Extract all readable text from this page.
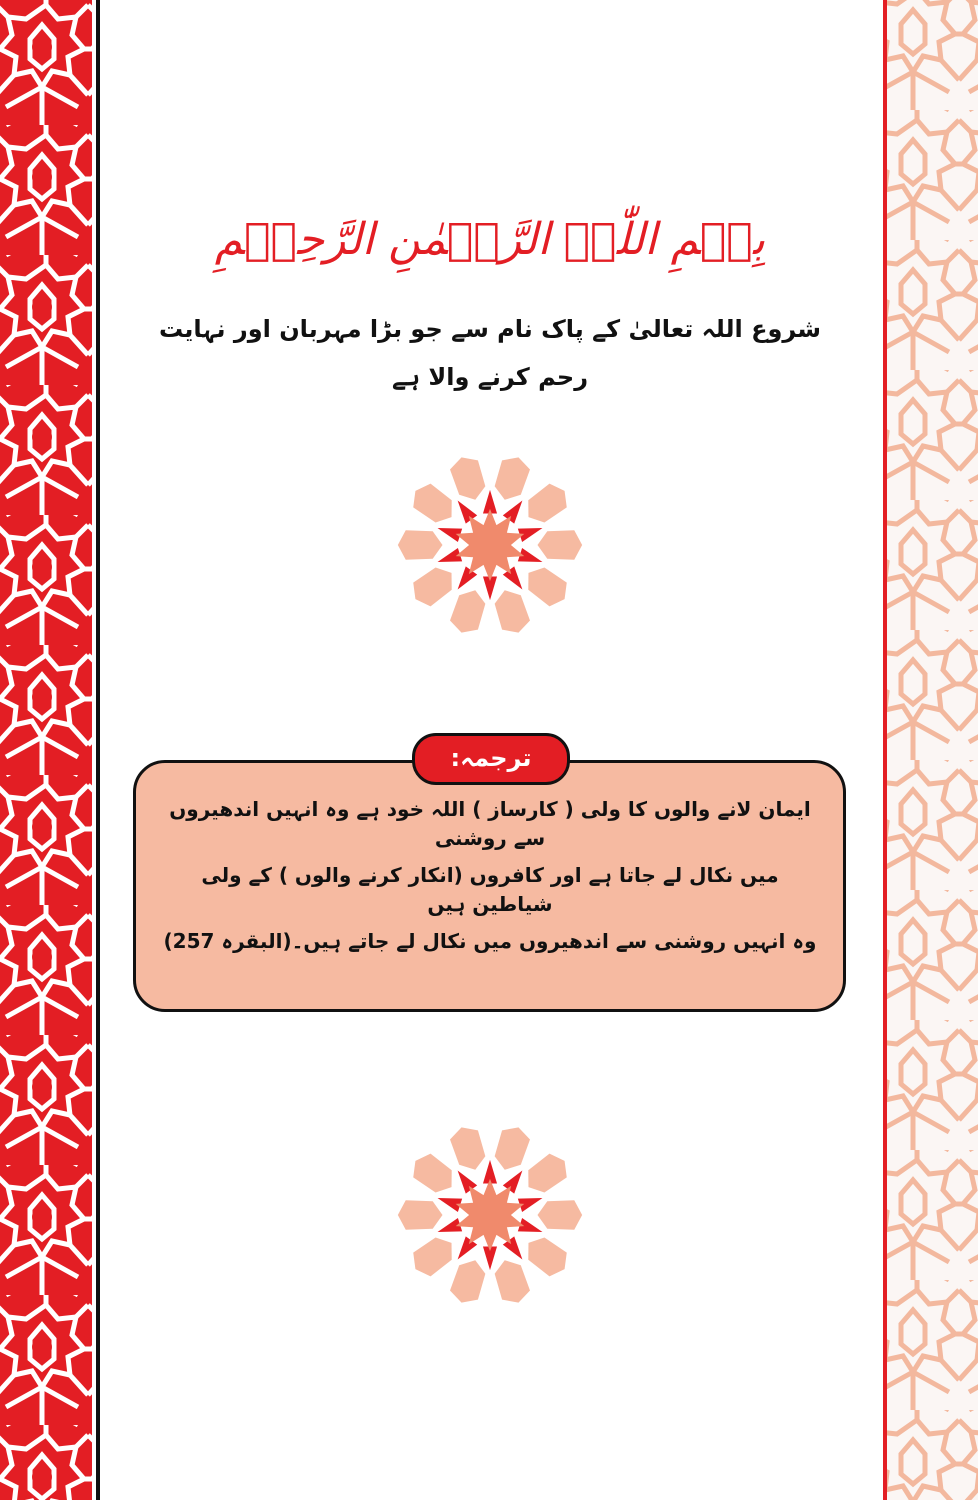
بِسۡمِ اللّٰہِ الرَّحۡمٰنِ الرَّحِیۡمِ
شروع اللہ تعالیٰ کے پاک نام سے جو بڑا مہربان اور نہایت رحم کرنے والا ہے
ترجمہ:
ایمان لانے والوں کا ولی ( کارساز ) اللہ خود ہے وہ انہیں اندھیروں سے روشنی
میں نکال لے جاتا ہے اور کافروں (انکار کرنے والوں ) کے ولی شیاطین ہیں
وہ انہیں روشنی سے اندھیروں میں نکال لے جاتے ہیں۔(البقرہ 257)
